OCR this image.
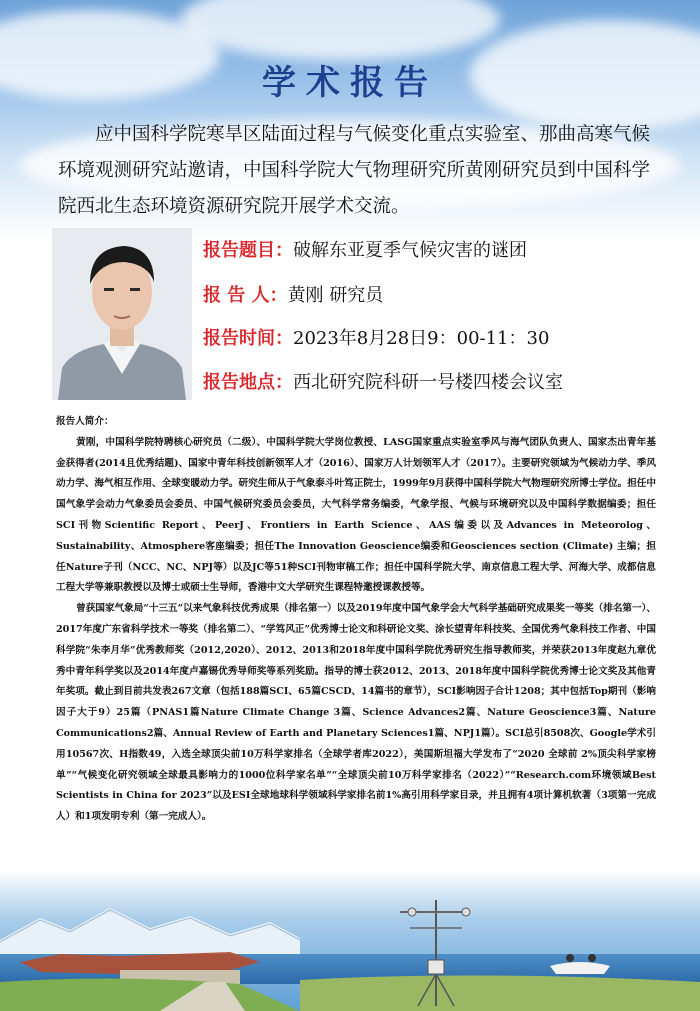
学术报告
应中国科学院寒旱区陆面过程与气候变化重点实验室、那曲高寒气候环境观测研究站邀请，中国科学院大气物理研究所黄刚研究员到中国科学院西北生态环境资源研究院开展学术交流。
报告题目：破解东亚夏季气候灾害的谜团
报 告 人：黄刚 研究员
报告时间：2023年8月28日9：00-11：30
报告地点：西北研究院科研一号楼四楼会议室

报告人简介：

黄刚，中国科学院特聘核心研究员（二级）、中国科学院大学岗位教授、LASG国家重点实验室季风与海气团队负责人、国家杰出青年基金获得者(2014且优秀结题)、国家中青年科技创新领军人才（2016）、国家万人计划领军人才（2017）。主要研究领域为气候动力学、季风动力学、海气相互作用、全球变暖动力学。研究生师从于气象泰斗叶笃正院士，1999年9月获得中国科学院大气物理研究所博士学位。担任中国气象学会动力气象委员会委员、中国气候研究委员会委员，大气科学常务编委，气象学报、气候与环境研究以及中国科学数据编委；担任SCI刊物Scientific Report、PeerJ、Frontiers in Earth Science、AAS编委以及Advances in Meteorolog、Sustainability、Atmosphere客座编委；担任The Innovation Geoscience编委和Geosciences section (Climate) 主编；担任Nature子刊（NCC、NC、NPJ等）以及JC等51种SCI刊物审稿工作；担任中国科学院大学、南京信息工程大学、河海大学、成都信息工程大学等兼职教授以及博士或硕士生导师，香港中文大学研究生课程特邀授课教授等。

曾获国家气象局“十三五”以来气象科技优秀成果（排名第一）以及2019年度中国气象学会大气科学基础研究成果奖一等奖（排名第一）、2017年度广东省科学技术一等奖（排名第二）、“学笃风正”优秀博士论文和科研论文奖、涂长望青年科技奖、全国优秀气象科技工作者、中国科学院“朱李月华”优秀教师奖（2012,2020）、2012、2013和2018年度中国科学院优秀研究生指导教师奖，并荣获2013年度赵九章优秀中青年科学奖以及2014年度卢嘉锡优秀导师奖等系列奖励。指导的博士获2012、2013、2018年度中国科学院优秀博士论文奖及其他青年奖项。截止到目前共发表267文章（包括188篇SCI、65篇CSCD、14篇书的章节），SCI影响因子合计1208；其中包括Top期刊（影响因子大于9）25篇（PNAS1篇Nature Climate Change 3篇、Science Advances2篇、Nature Geoscience3篇、Nature Communications2篇、Annual Review of Earth and Planetary Sciences1篇、NPJ1篇）。SCI总引8508次、Google学术引用10567次、H指数49，入选全球顶尖前10万科学家排名（全球学者库2022），美国斯坦福大学发布了“2020 全球前 2%顶尖科学家榜单”“气候变化研究领域全球最具影响力的1000位科学家名单”“全球顶尖前10万科学家排名（2022）”“Research.com环境领域Best Scientists in China for 2023”以及ESI全球地球科学领域科学家排名前1%高引用科学家目录，并且拥有4项计算机软著（3项第一完成人）和1项发明专利（第一完成人）。
